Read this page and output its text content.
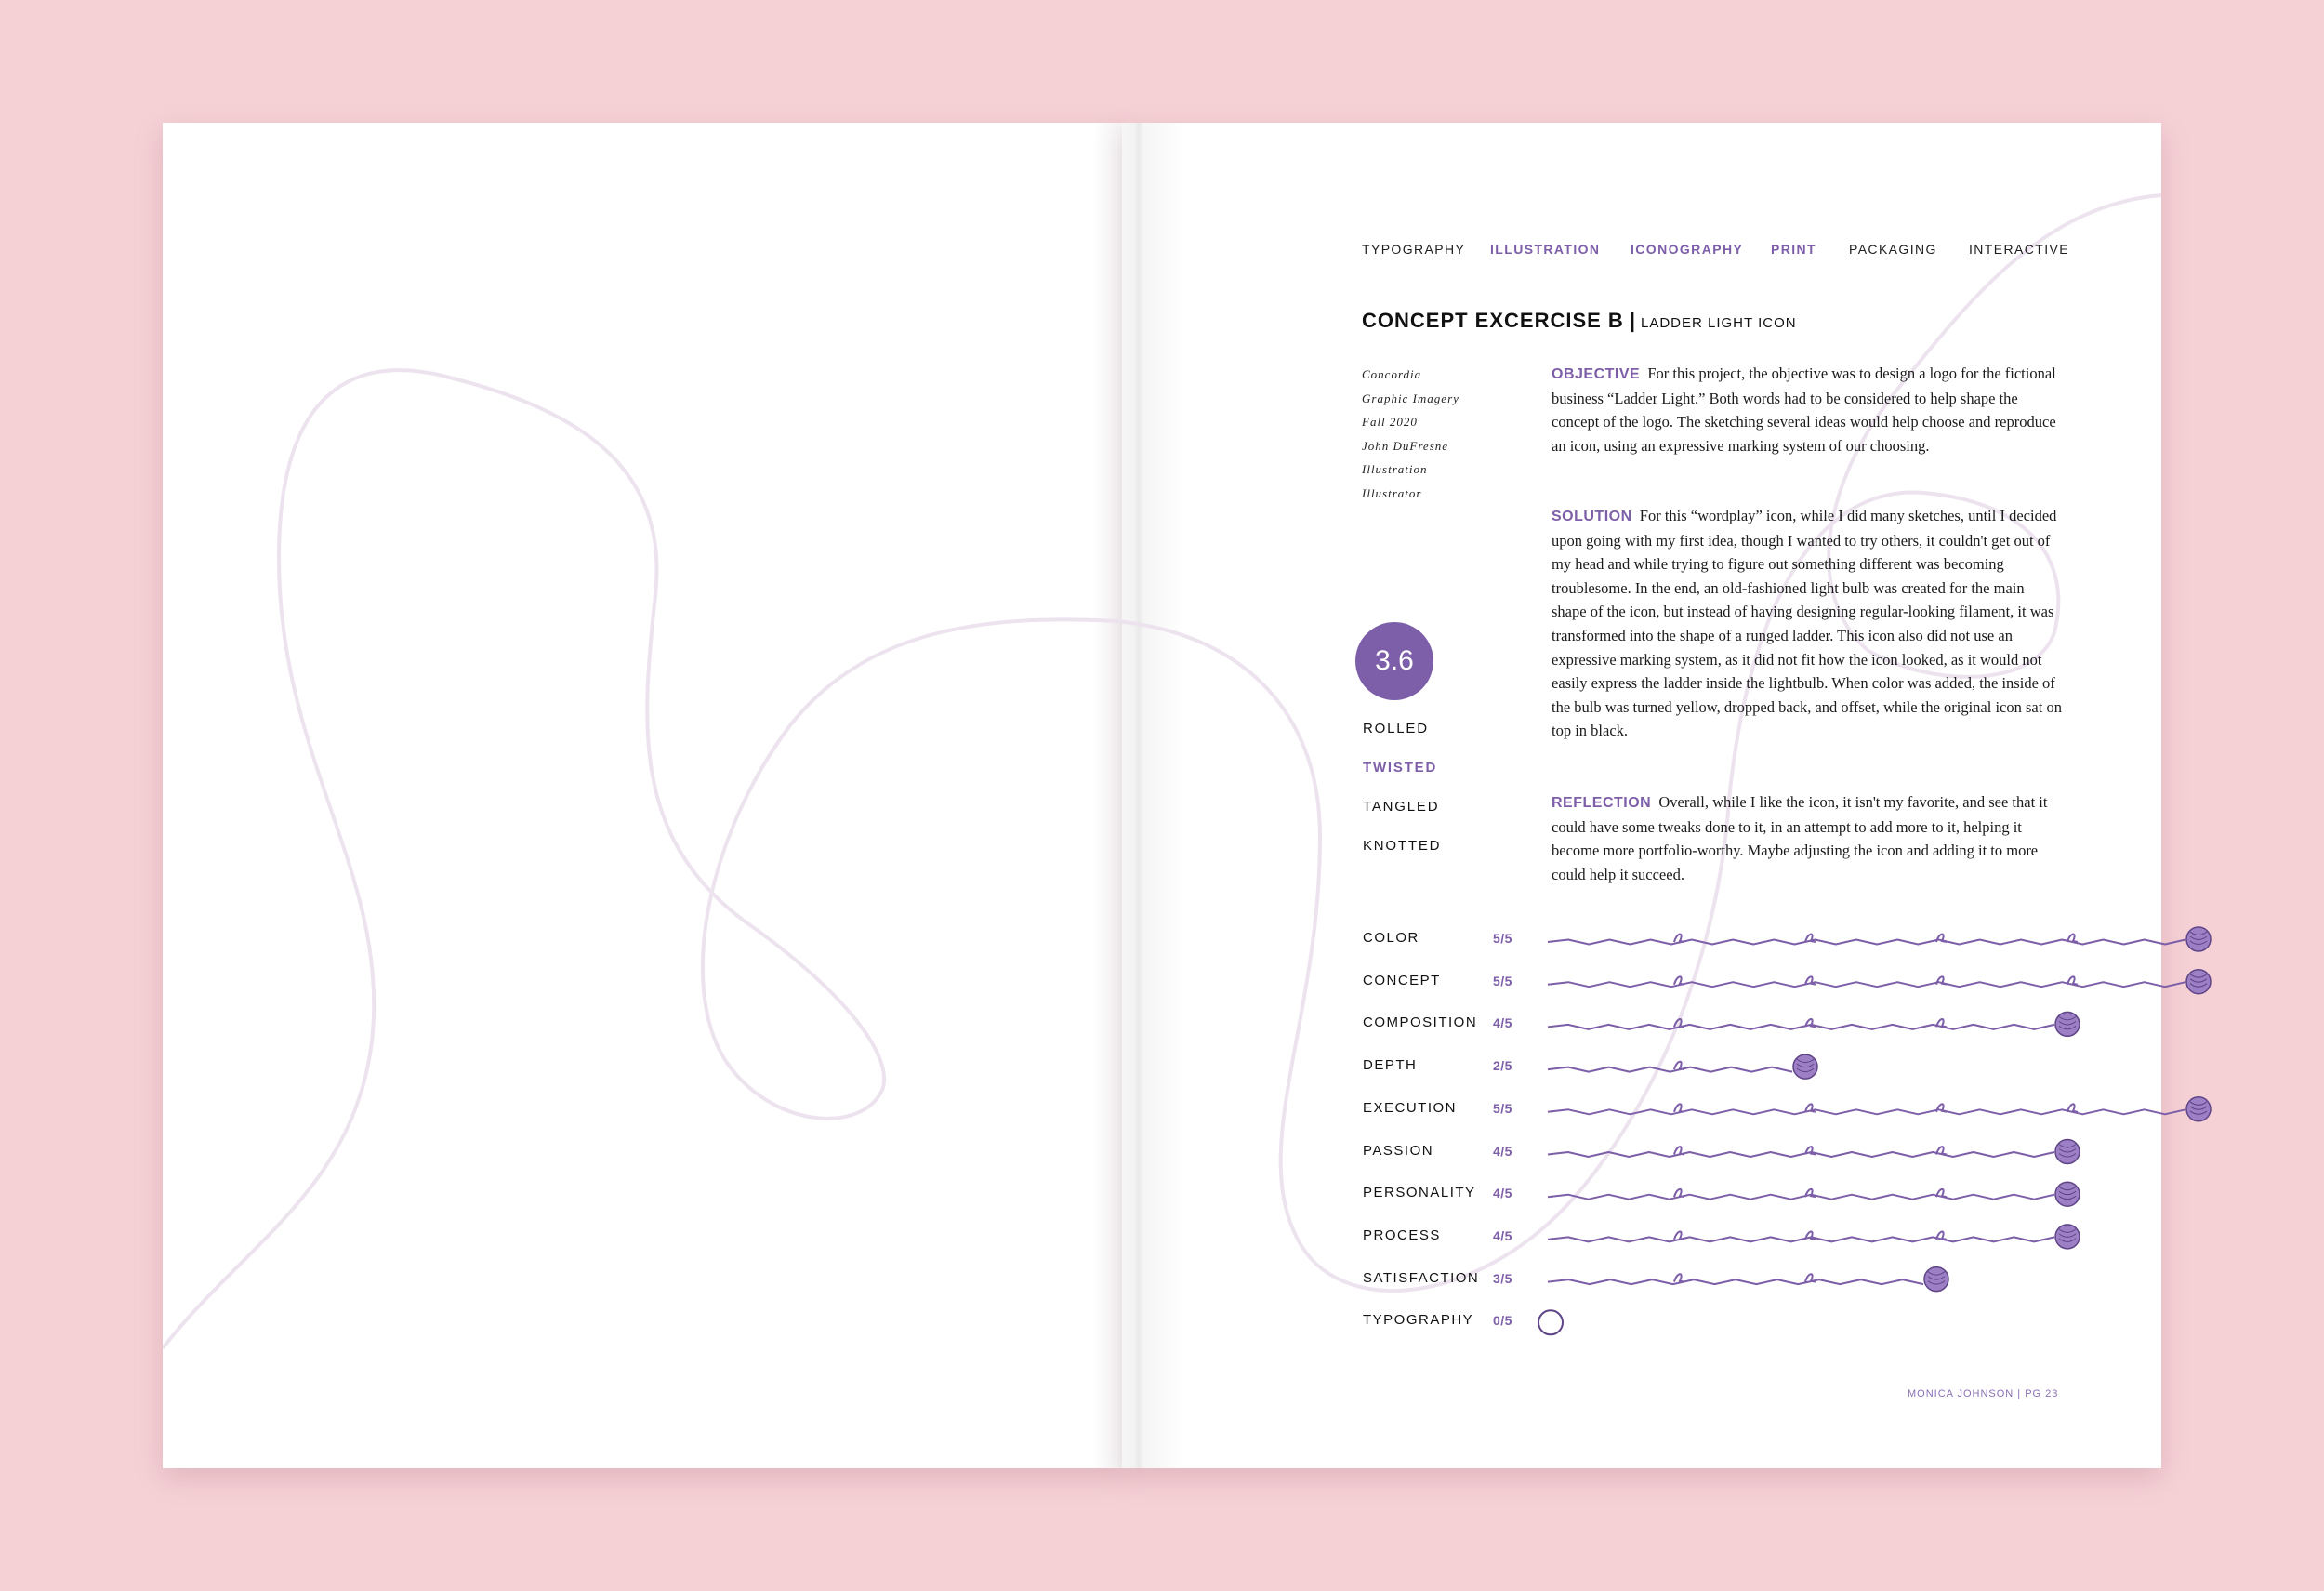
TYPOGRAPHY ILLUSTRATION ICONOGRAPHY PRINT	PACKAGING INTERACTIVE
CONCEPT EXCERCISE B | LADDER LIGHT ICON
Concordia
Graphic Imagery
Fall 2020
John DuFresne
Illustration
Illustrator
3.6
ROLLED
TWISTED
TANGLED
KNOTTED

OBJECTIVE For this project, the objective was to design a logo for the fictional business “Ladder Light.” Both words had to be considered to help shape the concept of the logo. The sketching several ideas would help choose and reproduce an icon, using an expressive marking system of our choosing.

SOLUTION For this “wordplay” icon, while I did many sketches, until I decided upon going with my first idea, though I wanted to try others, it couldn't get out of my head and while trying to figure out something different was becoming troublesome. In the end, an old-fashioned light bulb was created for the main shape of the icon, but instead of having designing regular-looking filament, it was transformed into the shape of a runged ladder. This icon also did not use an expressive marking system, as it did not fit how the icon looked, as it would not easily express the ladder inside the lightbulb. When color was added, the inside of the bulb was turned yellow, dropped back, and offset, while the original icon sat on top in black.

REFLECTION Overall, while I like the icon, it isn't my favorite, and see that it could have some tweaks done to it, in an attempt to add more to it, helping it become more portfolio-worthy. Maybe adjusting the icon and adding it to more could help it succeed.

COLOR	5/5
CONCEPT	5/5
COMPOSITION 4/5
DEPTH	2/5
EXECUTION	5/5
PASSION	4/5
PERSONALITY 4/5
PROCESS	4/5
SATISFACTION 3/5
TYPOGRAPHY 0/5
MONICA JOHNSON | PG 23
